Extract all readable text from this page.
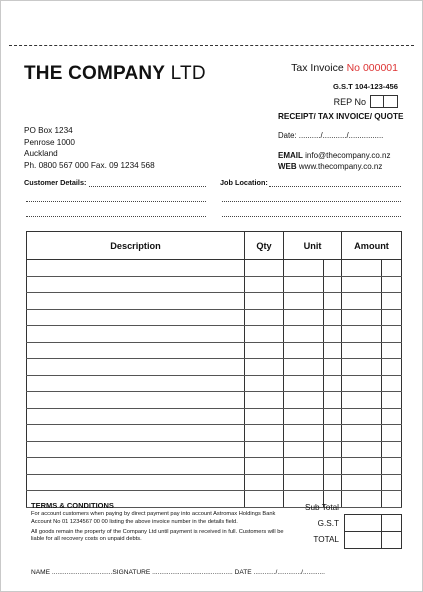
THE COMPANY LTD	Tax Invoice No 000001
G.S.T 104-123-456
REP No
RECEIPT/ TAX INVOICE/ QUOTE
Date: ........../.........../................
PO Box 1234
Penrose 1000
Auckland
Ph. 0800 567 000 Fax. 09 1234 568
EMAIL info@thecompany.co.nz
WEB www.thecompany.co.nz
Customer Details:	Job Location:
Description	Qty	Unit		Amount	

TERMS & CONDITIONS

For account customers when paying by direct payment pay into account Astromax Holdings Bank Account No 01 1234567 00 00 listing the above invoice number in the details field.

All goods remain the property of the Company Ltd until payment is received in full. Customers will be liable for all recovery costs on unpaid debts.

Sub Total
G.S.T
TOTAL
NAME .................................SIGNATURE ............................................ DATE ............/............./............
